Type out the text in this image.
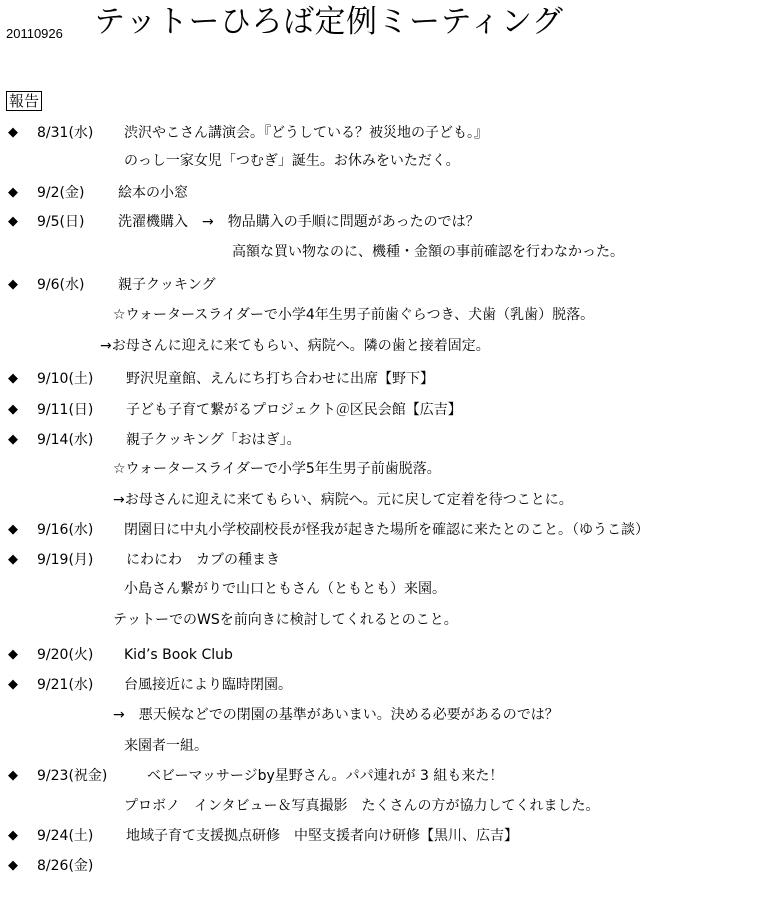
20110926 テットーひろば定例ミーティング
報告
◆ 8/31(水) 渋沢やこさん講演会。『どうしている？被災地の子ども。』
のっし一家女児「つむぎ」誕生。お休みをいただく。
◆ 9/2(金) 絵本の小窓
◆ 9/5(日) 洗濯機購入　→　物品購入の手順に問題があったのでは？
高額な買い物なのに、機種・金額の事前確認を行わなかった。
◆ 9/6(水) 親子クッキング
☆ウォータースライダーで小学4年生男子前歯ぐらつき、犬歯（乳歯）脱落。
→お母さんに迎えに来てもらい、病院へ。隣の歯と接着固定。
◆ 9/10(土) 野沢児童館、えんにち打ち合わせに出席【野下】
◆ 9/11(日) 子ども子育て繋がるプロジェクト＠区民会館【広吉】
◆ 9/14(水) 親子クッキング「おはぎ」。
☆ウォータースライダーで小学5年生男子前歯脱落。
→お母さんに迎えに来てもらい、病院へ。元に戻して定着を待つことに。
◆ 9/16(水) 閉園日に中丸小学校副校長が怪我が起きた場所を確認に来たとのこと。（ゆうこ談）
◆ 9/19(月) にわにわ　カブの種まき
小島さん繋がりで山口ともさん（ともとも）来園。
テットーでのWSを前向きに検討してくれるとのこと。
◆ 9/20(火) Kid’s Book Club
◆ 9/21(水) 台風接近により臨時閉園。
→　悪天候などでの閉園の基準があいまい。決める必要があるのでは？
来園者一組。
◆ 9/23(祝金)	ベビーマッサージby星野さん。パパ連れが 3 組も来た！
プロボノ　インタビュー＆写真撮影　たくさんの方が協力してくれました。
◆ 9/24(土) 地域子育て支援拠点研修　中堅支援者向け研修【黒川、広吉】
◆ 8/26(金)
